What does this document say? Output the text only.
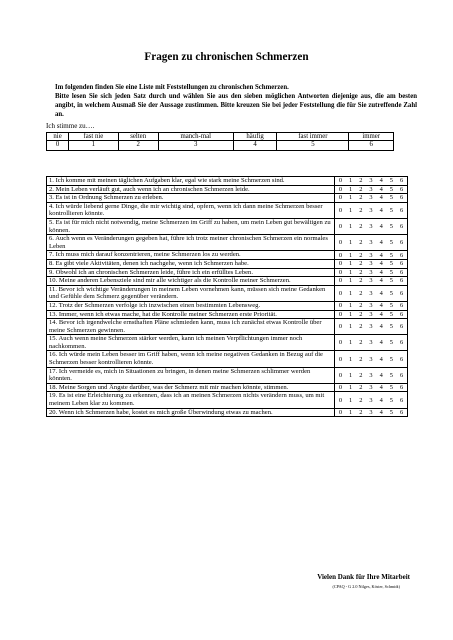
Fragen zu chronischen Schmerzen

Im folgenden finden Sie eine Liste mit Feststellungen zu chronischen Schmerzen.

Bitte lesen Sie sich jeden Satz durch und wählen Sie aus den sieben möglichen Antworten diejenige aus, die am besten angibt, in welchem Ausmaß Sie der Aussage zustimmen. Bitte kreuzen Sie bei jeder Feststellung die für Sie zutreffende Zahl an.

Ich stimme zu….
nie	fast nie	selten	manch-mal	häufig	fast immer	immer
0	1	2	3	4	5	6
1. Ich komme mit meinen täglichen Aufgaben klar, egal wie stark meine Schmerzen sind.	0 1 2 3 4 5 6
2. Mein Leben verläuft gut, auch wenn ich an chronischen Schmerzen leide.	0 1 2 3 4 5 6
3. Es ist in Ordnung Schmerzen zu erleben.	0 1 2 3 4 5 6
4. Ich würde liebend gerne Dinge, die mir wichtig sind, opfern, wenn ich dann meine Schmerzen besser kontrollieren könnte.	0 1 2 3 4 5 6
5. Es ist für mich nicht notwendig, meine Schmerzen im Griff zu haben, um mein Leben gut bewältigen zu können.	0 1 2 3 4 5 6
6. Auch wenn es Veränderungen gegeben hat, führe ich trotz meiner chronischen Schmerzen ein normales Leben	0 1 2 3 4 5 6
7. Ich muss mich darauf konzentrieren, meine Schmerzen los zu werden.	0 1 2 3 4 5 6
8. Es gibt viele Aktivitäten, denen ich nachgehe, wenn ich Schmerzen habe.	0 1 2 3 4 5 6
9. Obwohl ich an chronischen Schmerzen leide, führe ich ein erfülltes Leben.	0 1 2 3 4 5 6
10. Meine anderen Lebensziele sind mir alle wichtiger als die Kontrolle meiner Schmerzen.	0 1 2 3 4 5 6
11. Bevor ich wichtige Veränderungen in meinem Leben vornehmen kann, müssen sich meine Gedanken und Gefühle dem Schmerz gegenüber verändern.	0 1 2 3 4 5 6
12. Trotz der Schmerzen verfolge ich inzwischen einen bestimmten Lebensweg.	0 1 2 3 4 5 6
13. Immer, wenn ich etwas mache, hat die Kontrolle meiner Schmerzen erste Priorität.	0 1 2 3 4 5 6
14. Bevor ich irgendwelche ernsthaften Pläne schmieden kann, muss ich zunächst etwas Kontrolle über meine Schmerzen gewinnen.	0 1 2 3 4 5 6
15. Auch wenn meine Schmerzen stärker werden, kann ich meinen Verpflichtungen immer noch nachkommen.	0 1 2 3 4 5 6
16. Ich würde mein Leben besser im Griff haben, wenn ich meine negativen Gedanken in Bezug auf die Schmerzen besser kontrollieren könnte.	0 1 2 3 4 5 6
17. Ich vermeide es, mich in Situationen zu bringen, in denen meine Schmerzen schlimmer werden könnten.	0 1 2 3 4 5 6
18. Meine Sorgen und Ängste darüber, was der Schmerz mit mir machen könnte, stimmen.	0 1 2 3 4 5 6
19. Es ist eine Erleichterung zu erkennen, dass ich an meinen Schmerzen nichts verändern muss, um mit meinem Leben klar zu kommen.	0 1 2 3 4 5 6
20. Wenn ich Schmerzen habe, kostet es mich große Überwindung etwas zu machen.	0 1 2 3 4 5 6
Vielen Dank für Ihre Mitarbeit
(CPAQ - G 2.0 Nilges, Köster, Schmidt)
